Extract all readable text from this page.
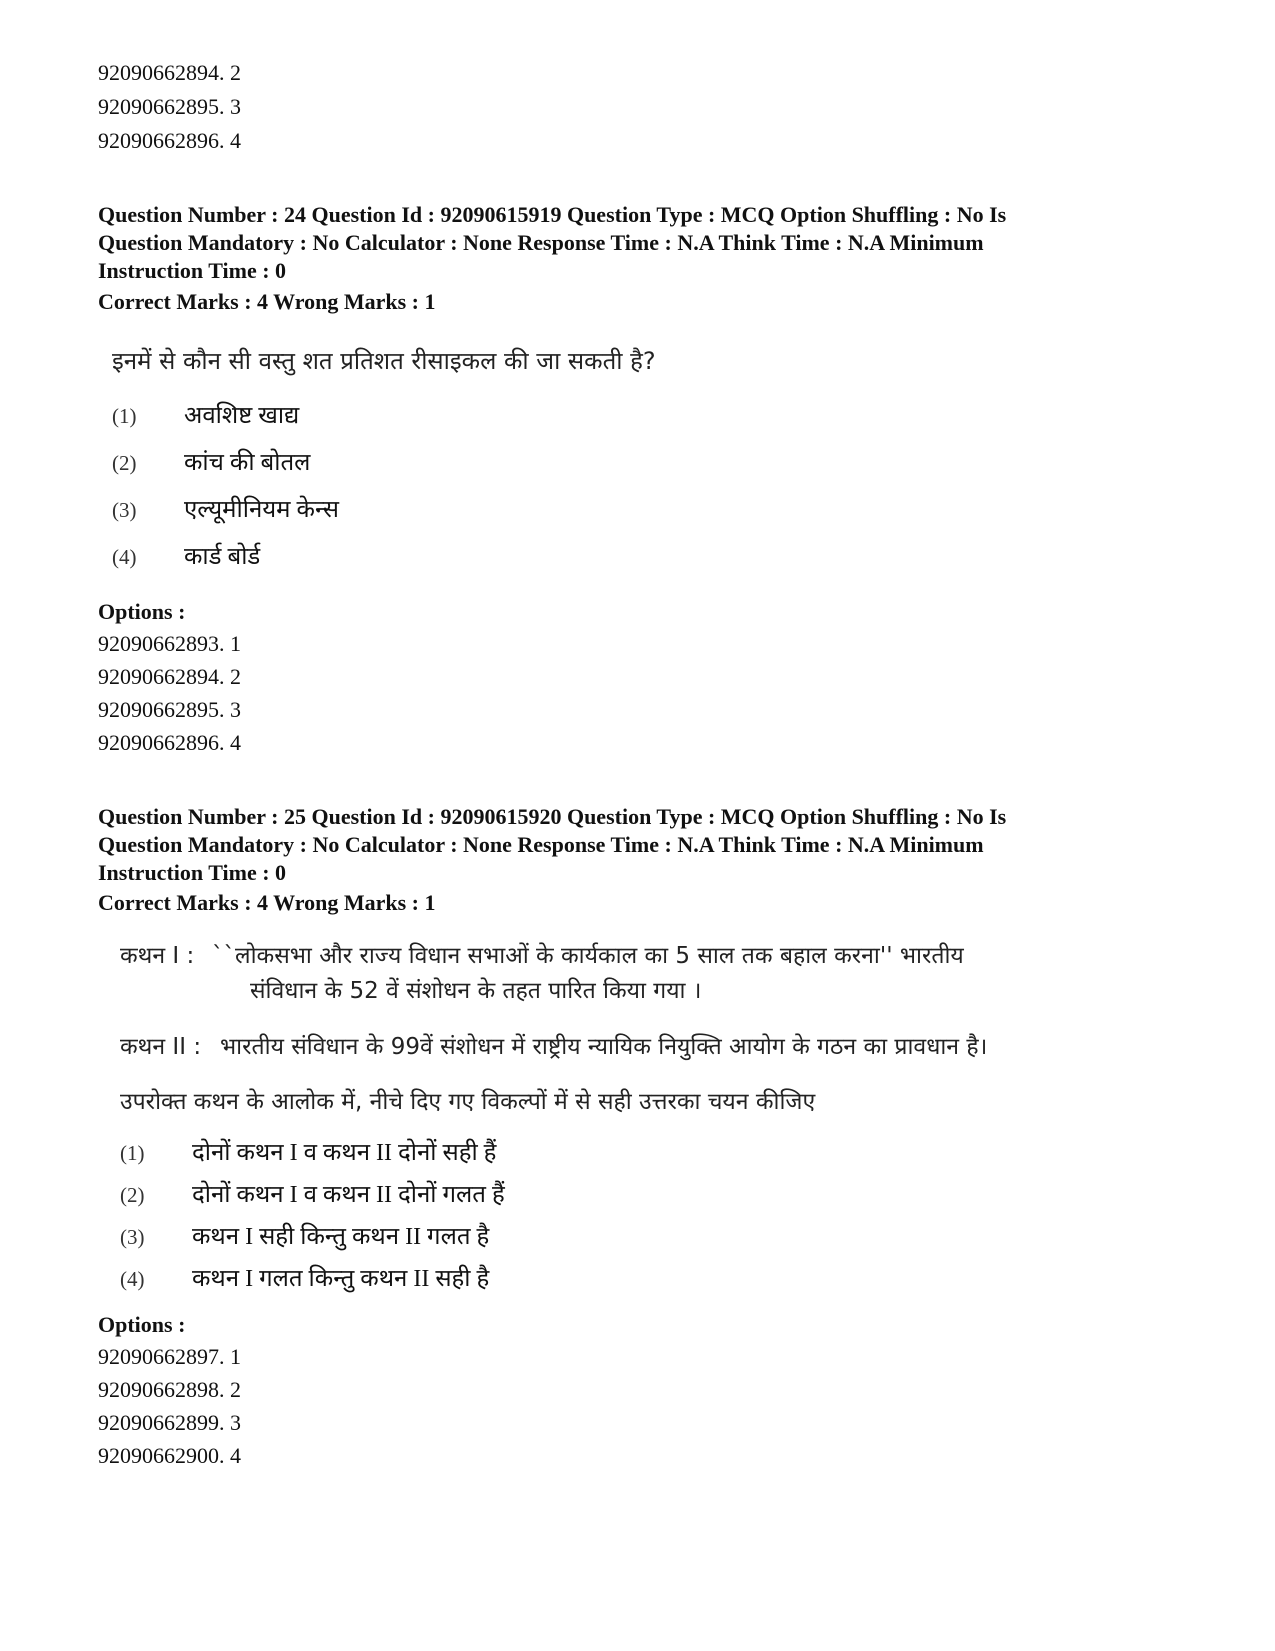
92090662894. 2
92090662895. 3
92090662896. 4
Question Number : 24 Question Id : 92090615919 Question Type : MCQ Option Shuffling : No Is
Question Mandatory : No Calculator : None Response Time : N.A Think Time : N.A Minimum
Instruction Time : 0
Correct Marks : 4 Wrong Marks : 1
इनमें से कौन सी वस्तु शत प्रतिशत रीसाइकल की जा सकती है?
(1) अवशिष्ट खाद्य
(2) कांच की बोतल
(3) एल्यूमीनियम केन्स
(4) कार्ड बोर्ड
Options :
92090662893. 1
92090662894. 2
92090662895. 3
92090662896. 4
Question Number : 25 Question Id : 92090615920 Question Type : MCQ Option Shuffling : No Is
Question Mandatory : No Calculator : None Response Time : N.A Think Time : N.A Minimum
Instruction Time : 0
Correct Marks : 4 Wrong Marks : 1
कथन I : ``लोकसभा और राज्य विधान सभाओं के कार्यकाल का 5 साल तक बहाल करना'' भारतीय
संविधान के 52 वें संशोधन के तहत पारित किया गया ।
कथन II : भारतीय संविधान के 99वें संशोधन में राष्ट्रीय न्यायिक नियुक्ति आयोग के गठन का प्रावधान है।
उपरोक्त कथन के आलोक में, नीचे दिए गए विकल्पों में से सही उत्तरका चयन कीजिए
(1) दोनों कथन I व कथन II दोनों सही हैं
(2) दोनों कथन I व कथन II दोनों गलत हैं
(3) कथन I सही किन्तु कथन II गलत है
(4) कथन I गलत किन्तु कथन II सही है
Options :
92090662897. 1
92090662898. 2
92090662899. 3
92090662900. 4
